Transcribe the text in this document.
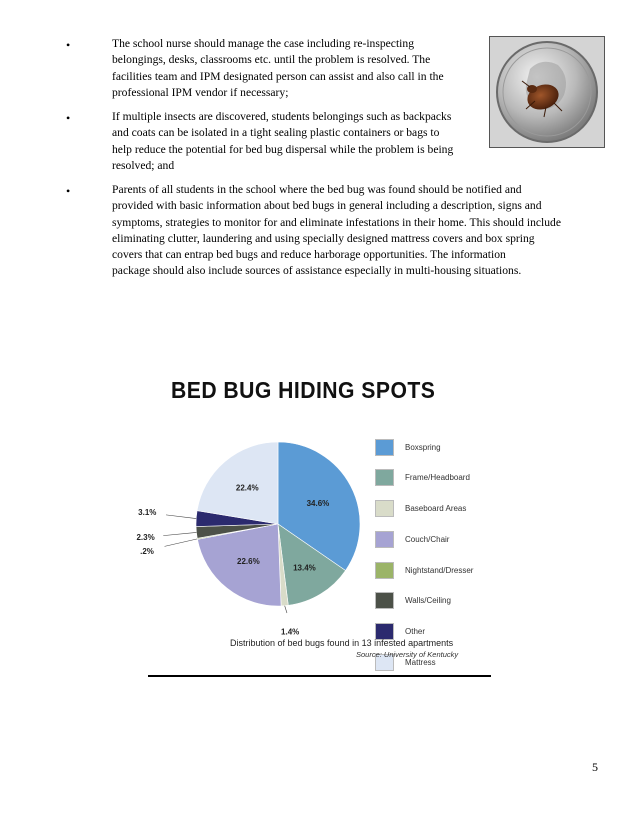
•	The school nurse should manage the case including re-inspecting

belongings, desks, classrooms etc. until the problem is resolved. The

facilities team and IPM designated person can assist and also call in the

professional IPM vendor if necessary;

•	If multiple insects are discovered, students belongings such as backpacks

and coats can be isolated in a tight sealing plastic containers or bags to

help reduce the potential for bed bug dispersal while the problem is being

resolved; and

•	Parents of all students in the school where the bed bug was found should be notified and

provided with basic information about bed bugs in general including a description, signs and

symptoms, strategies to monitor for and eliminate infestations in their home. This should include

eliminating clutter, laundering and using specially designed mattress covers and box spring

covers that can entrap bed bugs and reduce harborage opportunities. The information

package should also include sources of assistance especially in multi-housing situations.

BED BUG HIDING SPOTS
34.6%
13.4%
1.4%
22.6%
.2%
2.3%
3.1%
22.4%
Boxspring
Frame/Headboard
Baseboard Areas
Couch/Chair
Nightstand/Dresser
Walls/Ceiling
Other
Mattress
Distribution of bed bugs found in 13 infested apartments
Source: University of Kentucky
5
